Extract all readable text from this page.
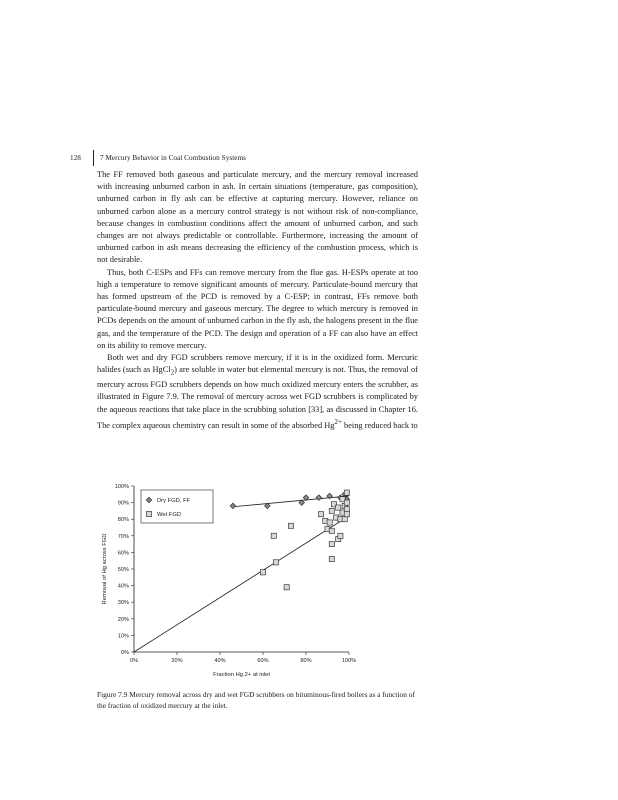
128	7 Mercury Behavior in Coal Combustion Systems

The FF removed both gaseous and particulate mercury, and the mercury removal increased with increasing unburned carbon in ash. In certain situations (temperature, gas composition), unburned carbon in fly ash can be effective at capturing mercury. However, reliance on unburned carbon alone as a mercury control strategy is not without risk of non-compliance, because changes in combustion conditions affect the amount of unburned carbon, and such changes are not always predictable or controllable. Furthermore, increasing the amount of unburned carbon in ash means decreasing the efficiency of the combustion process, which is not desirable.

Thus, both C-ESPs and FFs can remove mercury from the flue gas. H-ESPs operate at too high a temperature to remove significant amounts of mercury. Particulate-bound mercury that has formed upstream of the PCD is removed by a C-ESP; in contrast, FFs remove both particulate-bound mercury and gaseous mercury. The degree to which mercury is removed in PCDs depends on the amount of unburned carbon in the fly ash, the halogens present in the flue gas, and the temperature of the PCD. The design and operation of a FF can also have an effect on its ability to remove mercury.

Both wet and dry FGD scrubbers remove mercury, if it is in the oxidized form. Mercuric halides (such as HgCl$_2$) are soluble in water but elemental mercury is not. Thus, the removal of mercury across FGD scrubbers depends on how much oxidized mercury enters the scrubber, as illustrated in Figure 7.9. The removal of mercury across wet FGD scrubbers is complicated by the aqueous reactions that take place in the scrubbing solution [33], as discussed in Chapter 16. The complex aqueous chemistry can result in some of the absorbed $Hg^{2+}$ being reduced back to

0%
10%
20%
30%
40%
50%
60%
70%
80%
90%
100%
0%	20%	40%	60%	80%	100%
Fraction Hg 2+ at inlet
Removal of Hg across FGD
Dry FGD, FF
Wet FGD
Figure 7.9 Mercury removal across dry and wet FGD scrubbers on bituminous-fired boilers as a function of the fraction of oxidized mercury at the inlet.
